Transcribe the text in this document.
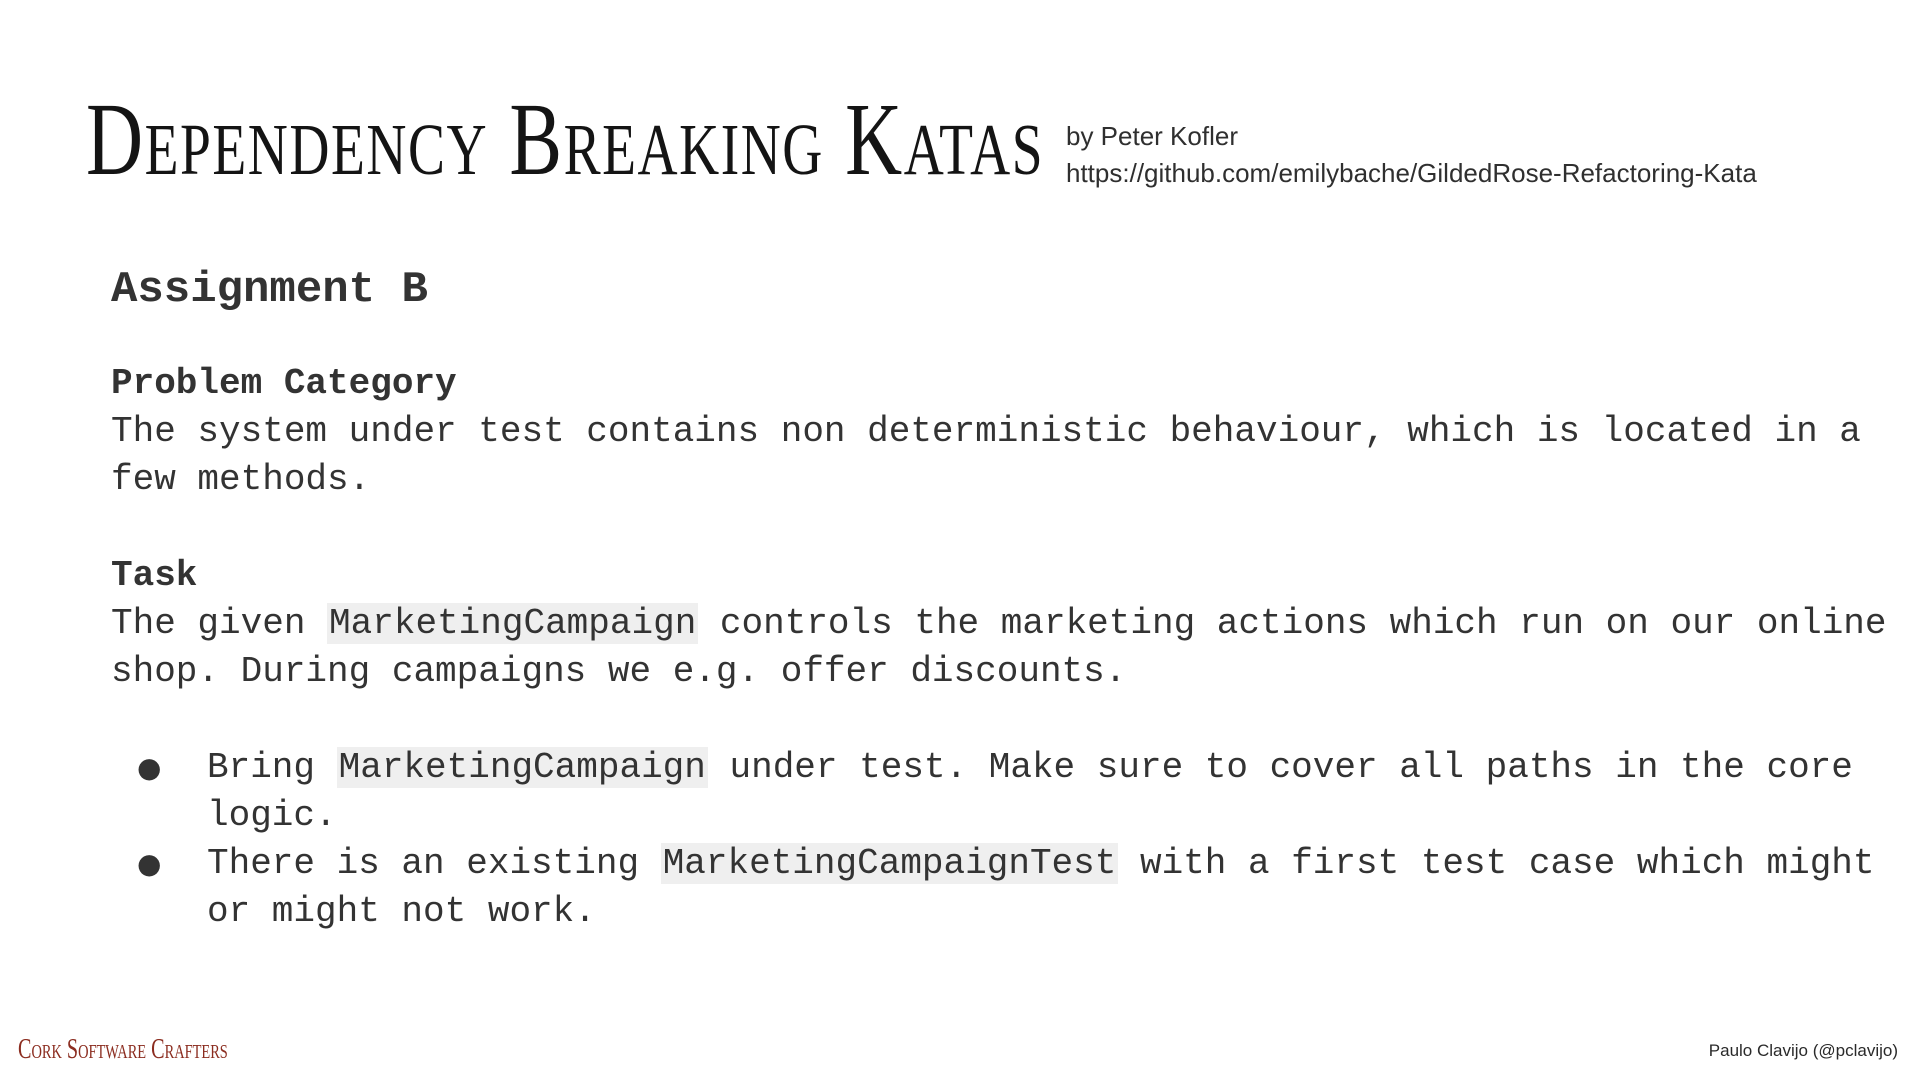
Dependency Breaking Katas by Peter Kofler
https://github.com/emilybache/GildedRose-Refactoring-Kata
Assignment B
Problem Category
The system under test contains non deterministic behaviour, which is located in a few methods.
Task
The given MarketingCampaign controls the marketing actions which run on our online shop. During campaigns we e.g. offer discounts.
● Bring MarketingCampaign under test. Make sure to cover all paths in the core logic.
● There is an existing MarketingCampaignTest with a first test case which might or might not work.
Cork Software Crafters	Paulo Clavijo (@pclavijo)
